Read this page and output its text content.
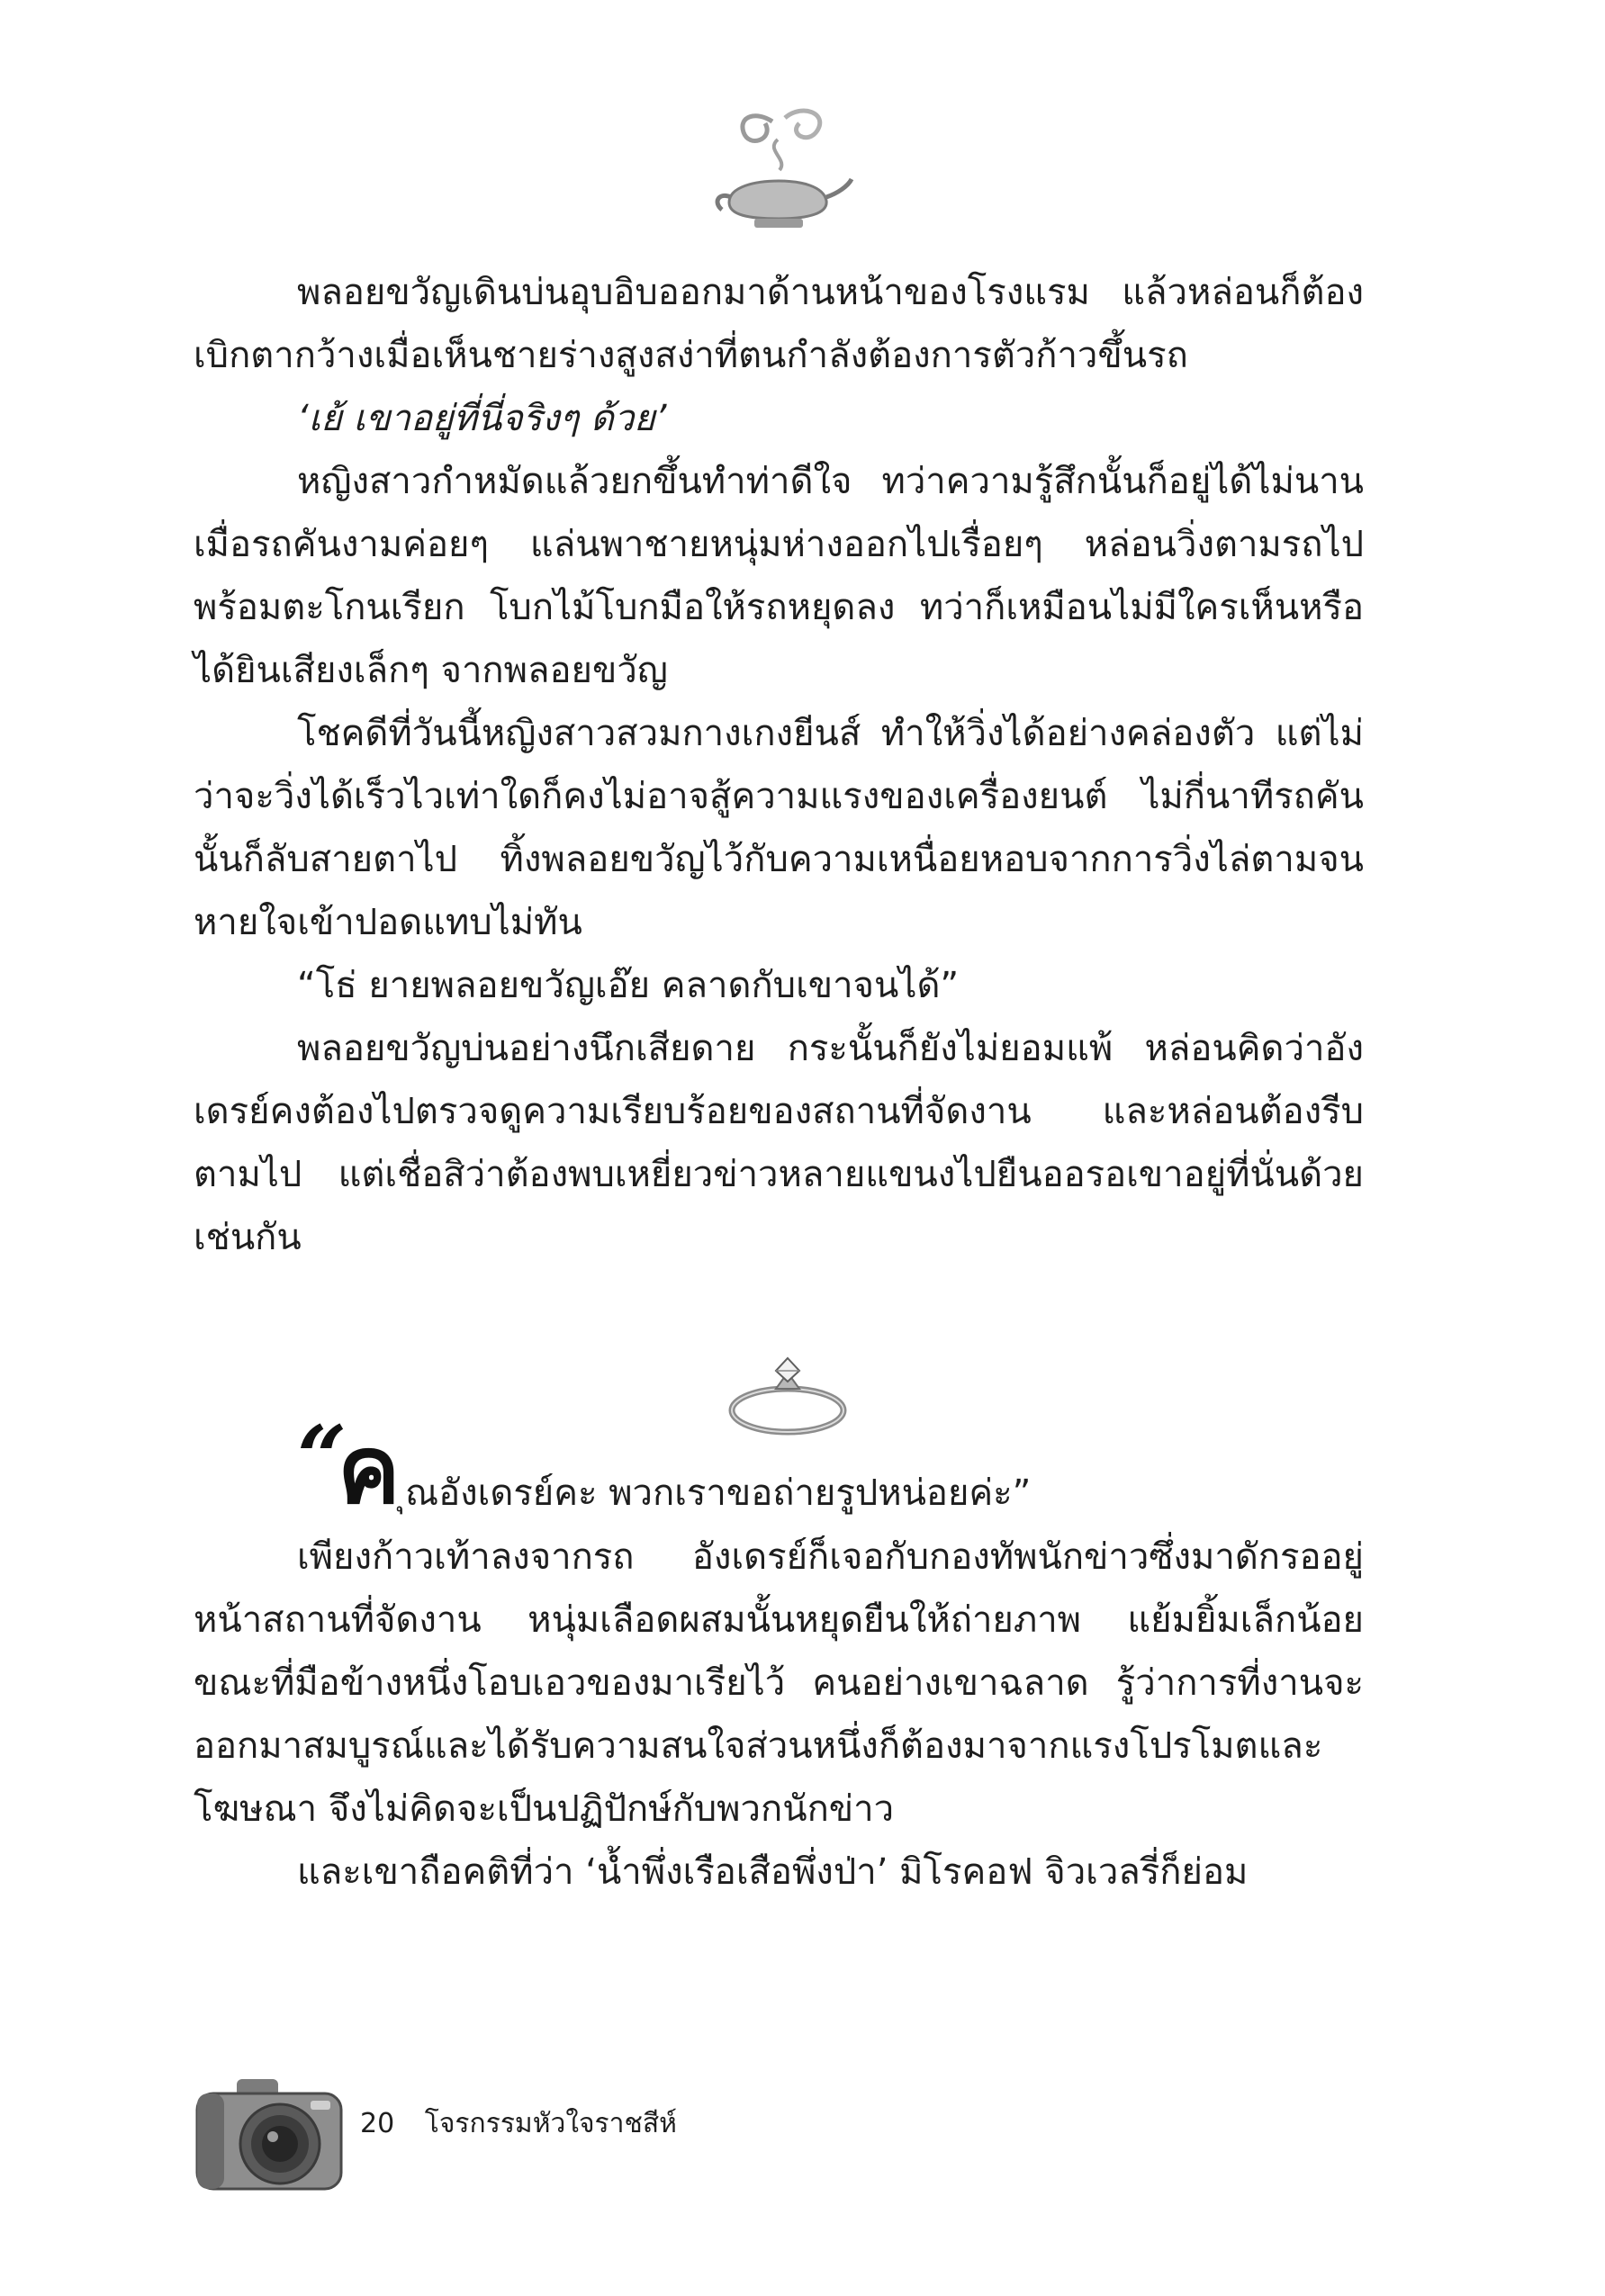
พลอยขวัญเดินบ่นอุบอิบออกมาด้านหน้าของโรงแรม แล้วหล่อนก็ต้องเบิกตากว้างเมื่อเห็นชายร่างสูงสง่าที่ตนกำลังต้องการตัวก้าวขึ้นรถ

‘เย้ เขาอยู่ที่นี่จริงๆ ด้วย’

หญิงสาวกำหมัดแล้วยกขึ้นทำท่าดีใจ ทว่าความรู้สึกนั้นก็อยู่ได้ไม่นาน เมื่อรถคันงามค่อยๆ แล่นพาชายหนุ่มห่างออกไปเรื่อยๆ หล่อนวิ่งตามรถไปพร้อมตะโกนเรียก โบกไม้โบกมือให้รถหยุดลง ทว่าก็เหมือนไม่มีใครเห็นหรือได้ยินเสียงเล็กๆ จากพลอยขวัญ

โชคดีที่วันนี้หญิงสาวสวมกางเกงยีนส์ ทำให้วิ่งได้อย่างคล่องตัว แต่ไม่ว่าจะวิ่งได้เร็วไวเท่าใดก็คงไม่อาจสู้ความแรงของเครื่องยนต์ ไม่กี่นาทีรถคันนั้นก็ลับสายตาไป ทิ้งพลอยขวัญไว้กับความเหนื่อยหอบจากการวิ่งไล่ตามจนหายใจเข้าปอดแทบไม่ทัน

“โธ่ ยายพลอยขวัญเอ๊ย คลาดกับเขาจนได้”

พลอยขวัญบ่นอย่างนึกเสียดาย กระนั้นก็ยังไม่ยอมแพ้ หล่อนคิดว่าอังเดรย์คงต้องไปตรวจดูความเรียบร้อยของสถานที่จัดงาน และหล่อนต้องรีบตามไป แต่เชื่อสิว่าต้องพบเหยี่ยวข่าวหลายแขนงไปยืนออรอเขาอยู่ที่นั่นด้วยเช่นกัน

“
ค ุณอังเดรย์คะ พวกเราขอถ่ายรูปหน่อยค่ะ”

เพียงก้าวเท้าลงจากรถ อังเดรย์ก็เจอกับกองทัพนักข่าวซึ่งมาดักรออยู่หน้าสถานที่จัดงาน หนุ่มเลือดผสมนั้นหยุดยืนให้ถ่ายภาพ แย้มยิ้มเล็กน้อย ขณะที่มือข้างหนึ่งโอบเอวของมาเรียไว้ คนอย่างเขาฉลาด รู้ว่าการที่งานจะออกมาสมบูรณ์และได้รับความสนใจส่วนหนึ่งก็ต้องมาจากแรงโปรโมตและโฆษณา จึงไม่คิดจะเป็นปฏิปักษ์กับพวกนักข่าว

และเขาถือคติที่ว่า ‘น้ำพึ่งเรือเสือพึ่งป่า’ มิโรคอฟ จิวเวลรี่ก็ย่อม

20 โจรกรรมหัวใจราชสีห์
